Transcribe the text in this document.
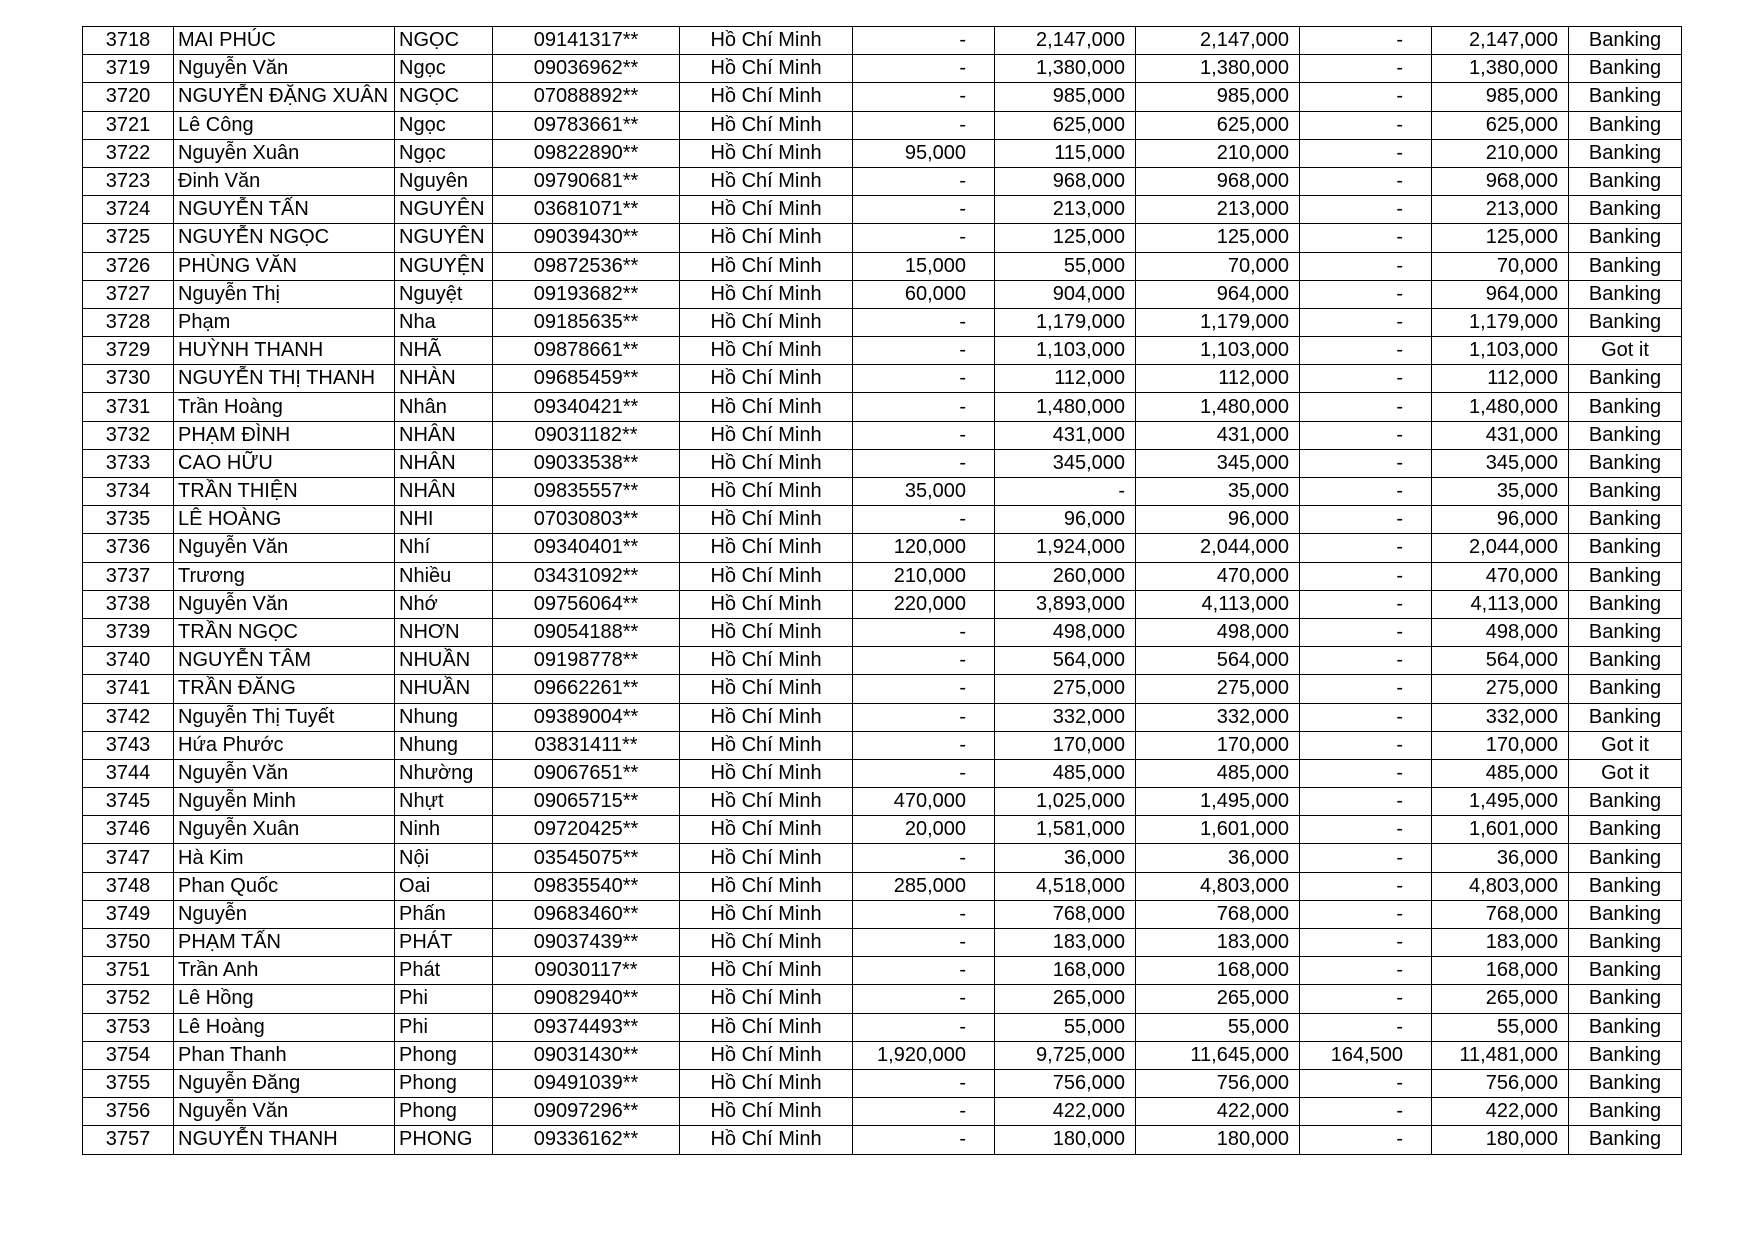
3718	MAI PHÚC	NGỌC	09141317**	Hồ Chí Minh	-	2,147,000	2,147,000	-	2,147,000	Banking
3719	Nguyễn Văn	Ngọc	09036962**	Hồ Chí Minh	-	1,380,000	1,380,000	-	1,380,000	Banking
3720	NGUYỄN ĐẶNG XUÂN	NGỌC	07088892**	Hồ Chí Minh	-	985,000	985,000	-	985,000	Banking
3721	Lê Công	Ngọc	09783661**	Hồ Chí Minh	-	625,000	625,000	-	625,000	Banking
3722	Nguyễn Xuân	Ngọc	09822890**	Hồ Chí Minh	95,000	115,000	210,000	-	210,000	Banking
3723	Đinh Văn	Nguyên	09790681**	Hồ Chí Minh	-	968,000	968,000	-	968,000	Banking
3724	NGUYỄN TẤN	NGUYÊN	03681071**	Hồ Chí Minh	-	213,000	213,000	-	213,000	Banking
3725	NGUYỄN NGỌC	NGUYÊN	09039430**	Hồ Chí Minh	-	125,000	125,000	-	125,000	Banking
3726	PHÙNG VĂN	NGUYỆN	09872536**	Hồ Chí Minh	15,000	55,000	70,000	-	70,000	Banking
3727	Nguyễn Thị	Nguyệt	09193682**	Hồ Chí Minh	60,000	904,000	964,000	-	964,000	Banking
3728	Phạm	Nha	09185635**	Hồ Chí Minh	-	1,179,000	1,179,000	-	1,179,000	Banking
3729	HUỲNH THANH	NHÃ	09878661**	Hồ Chí Minh	-	1,103,000	1,103,000	-	1,103,000	Got it
3730	NGUYỄN THỊ THANH	NHÀN	09685459**	Hồ Chí Minh	-	112,000	112,000	-	112,000	Banking
3731	Trần Hoàng	Nhân	09340421**	Hồ Chí Minh	-	1,480,000	1,480,000	-	1,480,000	Banking
3732	PHẠM ĐÌNH	NHÂN	09031182**	Hồ Chí Minh	-	431,000	431,000	-	431,000	Banking
3733	CAO HỮU	NHÂN	09033538**	Hồ Chí Minh	-	345,000	345,000	-	345,000	Banking
3734	TRẦN THIỆN	NHÂN	09835557**	Hồ Chí Minh	35,000	-	35,000	-	35,000	Banking
3735	LÊ HOÀNG	NHI	07030803**	Hồ Chí Minh	-	96,000	96,000	-	96,000	Banking
3736	Nguyễn Văn	Nhí	09340401**	Hồ Chí Minh	120,000	1,924,000	2,044,000	-	2,044,000	Banking
3737	Trương	Nhiều	03431092**	Hồ Chí Minh	210,000	260,000	470,000	-	470,000	Banking
3738	Nguyễn Văn	Nhớ	09756064**	Hồ Chí Minh	220,000	3,893,000	4,113,000	-	4,113,000	Banking
3739	TRẦN NGỌC	NHƠN	09054188**	Hồ Chí Minh	-	498,000	498,000	-	498,000	Banking
3740	NGUYỄN TÂM	NHUẦN	09198778**	Hồ Chí Minh	-	564,000	564,000	-	564,000	Banking
3741	TRẦN ĐĂNG	NHUẦN	09662261**	Hồ Chí Minh	-	275,000	275,000	-	275,000	Banking
3742	Nguyễn Thị Tuyết	Nhung	09389004**	Hồ Chí Minh	-	332,000	332,000	-	332,000	Banking
3743	Hứa Phước	Nhung	03831411**	Hồ Chí Minh	-	170,000	170,000	-	170,000	Got it
3744	Nguyễn Văn	Nhường	09067651**	Hồ Chí Minh	-	485,000	485,000	-	485,000	Got it
3745	Nguyễn Minh	Nhựt	09065715**	Hồ Chí Minh	470,000	1,025,000	1,495,000	-	1,495,000	Banking
3746	Nguyễn Xuân	Ninh	09720425**	Hồ Chí Minh	20,000	1,581,000	1,601,000	-	1,601,000	Banking
3747	Hà Kim	Nội	03545075**	Hồ Chí Minh	-	36,000	36,000	-	36,000	Banking
3748	Phan Quốc	Oai	09835540**	Hồ Chí Minh	285,000	4,518,000	4,803,000	-	4,803,000	Banking
3749	Nguyễn	Phấn	09683460**	Hồ Chí Minh	-	768,000	768,000	-	768,000	Banking
3750	PHẠM TẤN	PHÁT	09037439**	Hồ Chí Minh	-	183,000	183,000	-	183,000	Banking
3751	Trần Anh	Phát	09030117**	Hồ Chí Minh	-	168,000	168,000	-	168,000	Banking
3752	Lê Hồng	Phi	09082940**	Hồ Chí Minh	-	265,000	265,000	-	265,000	Banking
3753	Lê Hoàng	Phi	09374493**	Hồ Chí Minh	-	55,000	55,000	-	55,000	Banking
3754	Phan Thanh	Phong	09031430**	Hồ Chí Minh	1,920,000	9,725,000	11,645,000	164,500	11,481,000	Banking
3755	Nguyễn Đăng	Phong	09491039**	Hồ Chí Minh	-	756,000	756,000	-	756,000	Banking
3756	Nguyễn Văn	Phong	09097296**	Hồ Chí Minh	-	422,000	422,000	-	422,000	Banking
3757	NGUYỄN THANH	PHONG	09336162**	Hồ Chí Minh	-	180,000	180,000	-	180,000	Banking
